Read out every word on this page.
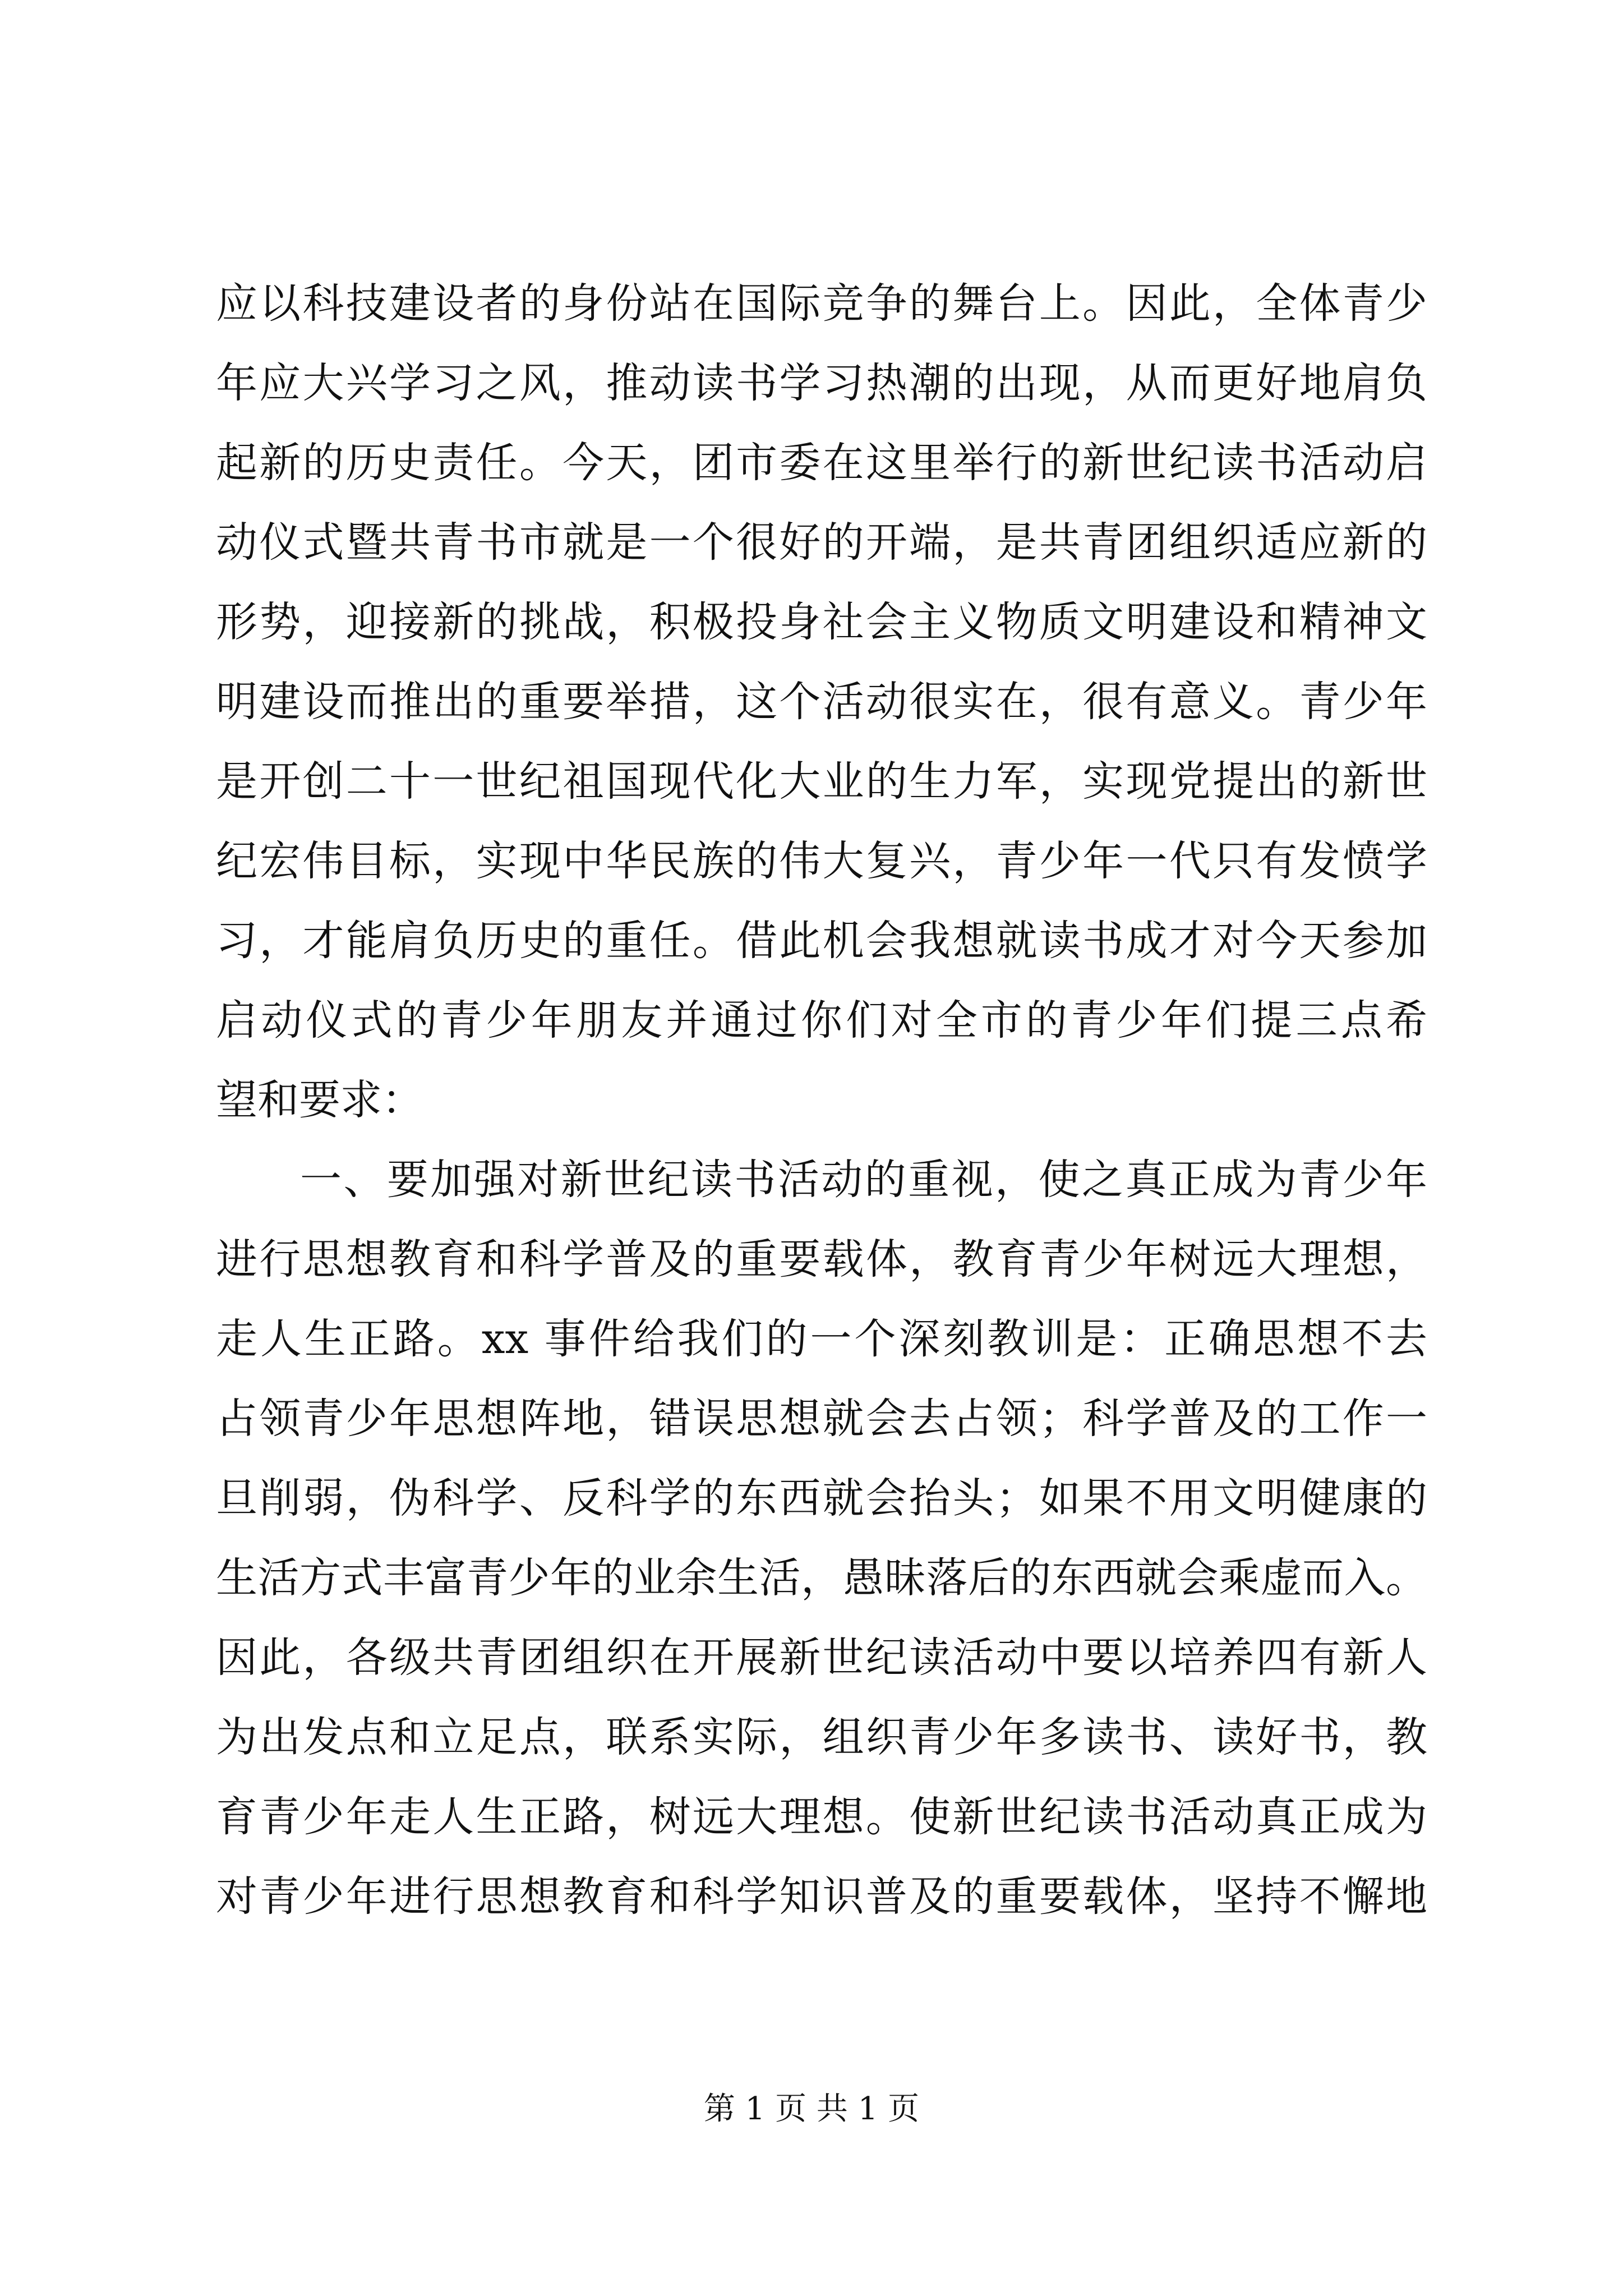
应以科技建设者的身份站在国际竞争的舞台上。因此，全体青少
年应大兴学习之风，推动读书学习热潮的出现，从而更好地肩负
起新的历史责任。今天，团市委在这里举行的新世纪读书活动启
动仪式暨共青书市就是一个很好的开端，是共青团组织适应新的
形势，迎接新的挑战，积极投身社会主义物质文明建设和精神文
明建设而推出的重要举措，这个活动很实在，很有意义。青少年
是开创二十一世纪祖国现代化大业的生力军，实现党提出的新世
纪宏伟目标，实现中华民族的伟大复兴，青少年一代只有发愤学
习，才能肩负历史的重任。借此机会我想就读书成才对今天参加
启动仪式的青少年朋友并通过你们对全市的青少年们提三点希
望和要求：
一、要加强对新世纪读书活动的重视，使之真正成为青少年
进行思想教育和科学普及的重要载体，教育青少年树远大理想，
走人生正路。xx 事件给我们的一个深刻教训是：正确思想不去
占领青少年思想阵地，错误思想就会去占领；科学普及的工作一
旦削弱，伪科学、反科学的东西就会抬头；如果不用文明健康的
生活方式丰富青少年的业余生活，愚昧落后的东西就会乘虚而入。
因此，各级共青团组织在开展新世纪读活动中要以培养四有新人
为出发点和立足点，联系实际，组织青少年多读书、读好书，教
育青少年走人生正路，树远大理想。使新世纪读书活动真正成为
对青少年进行思想教育和科学知识普及的重要载体，坚持不懈地
第 1 页 共 1 页
